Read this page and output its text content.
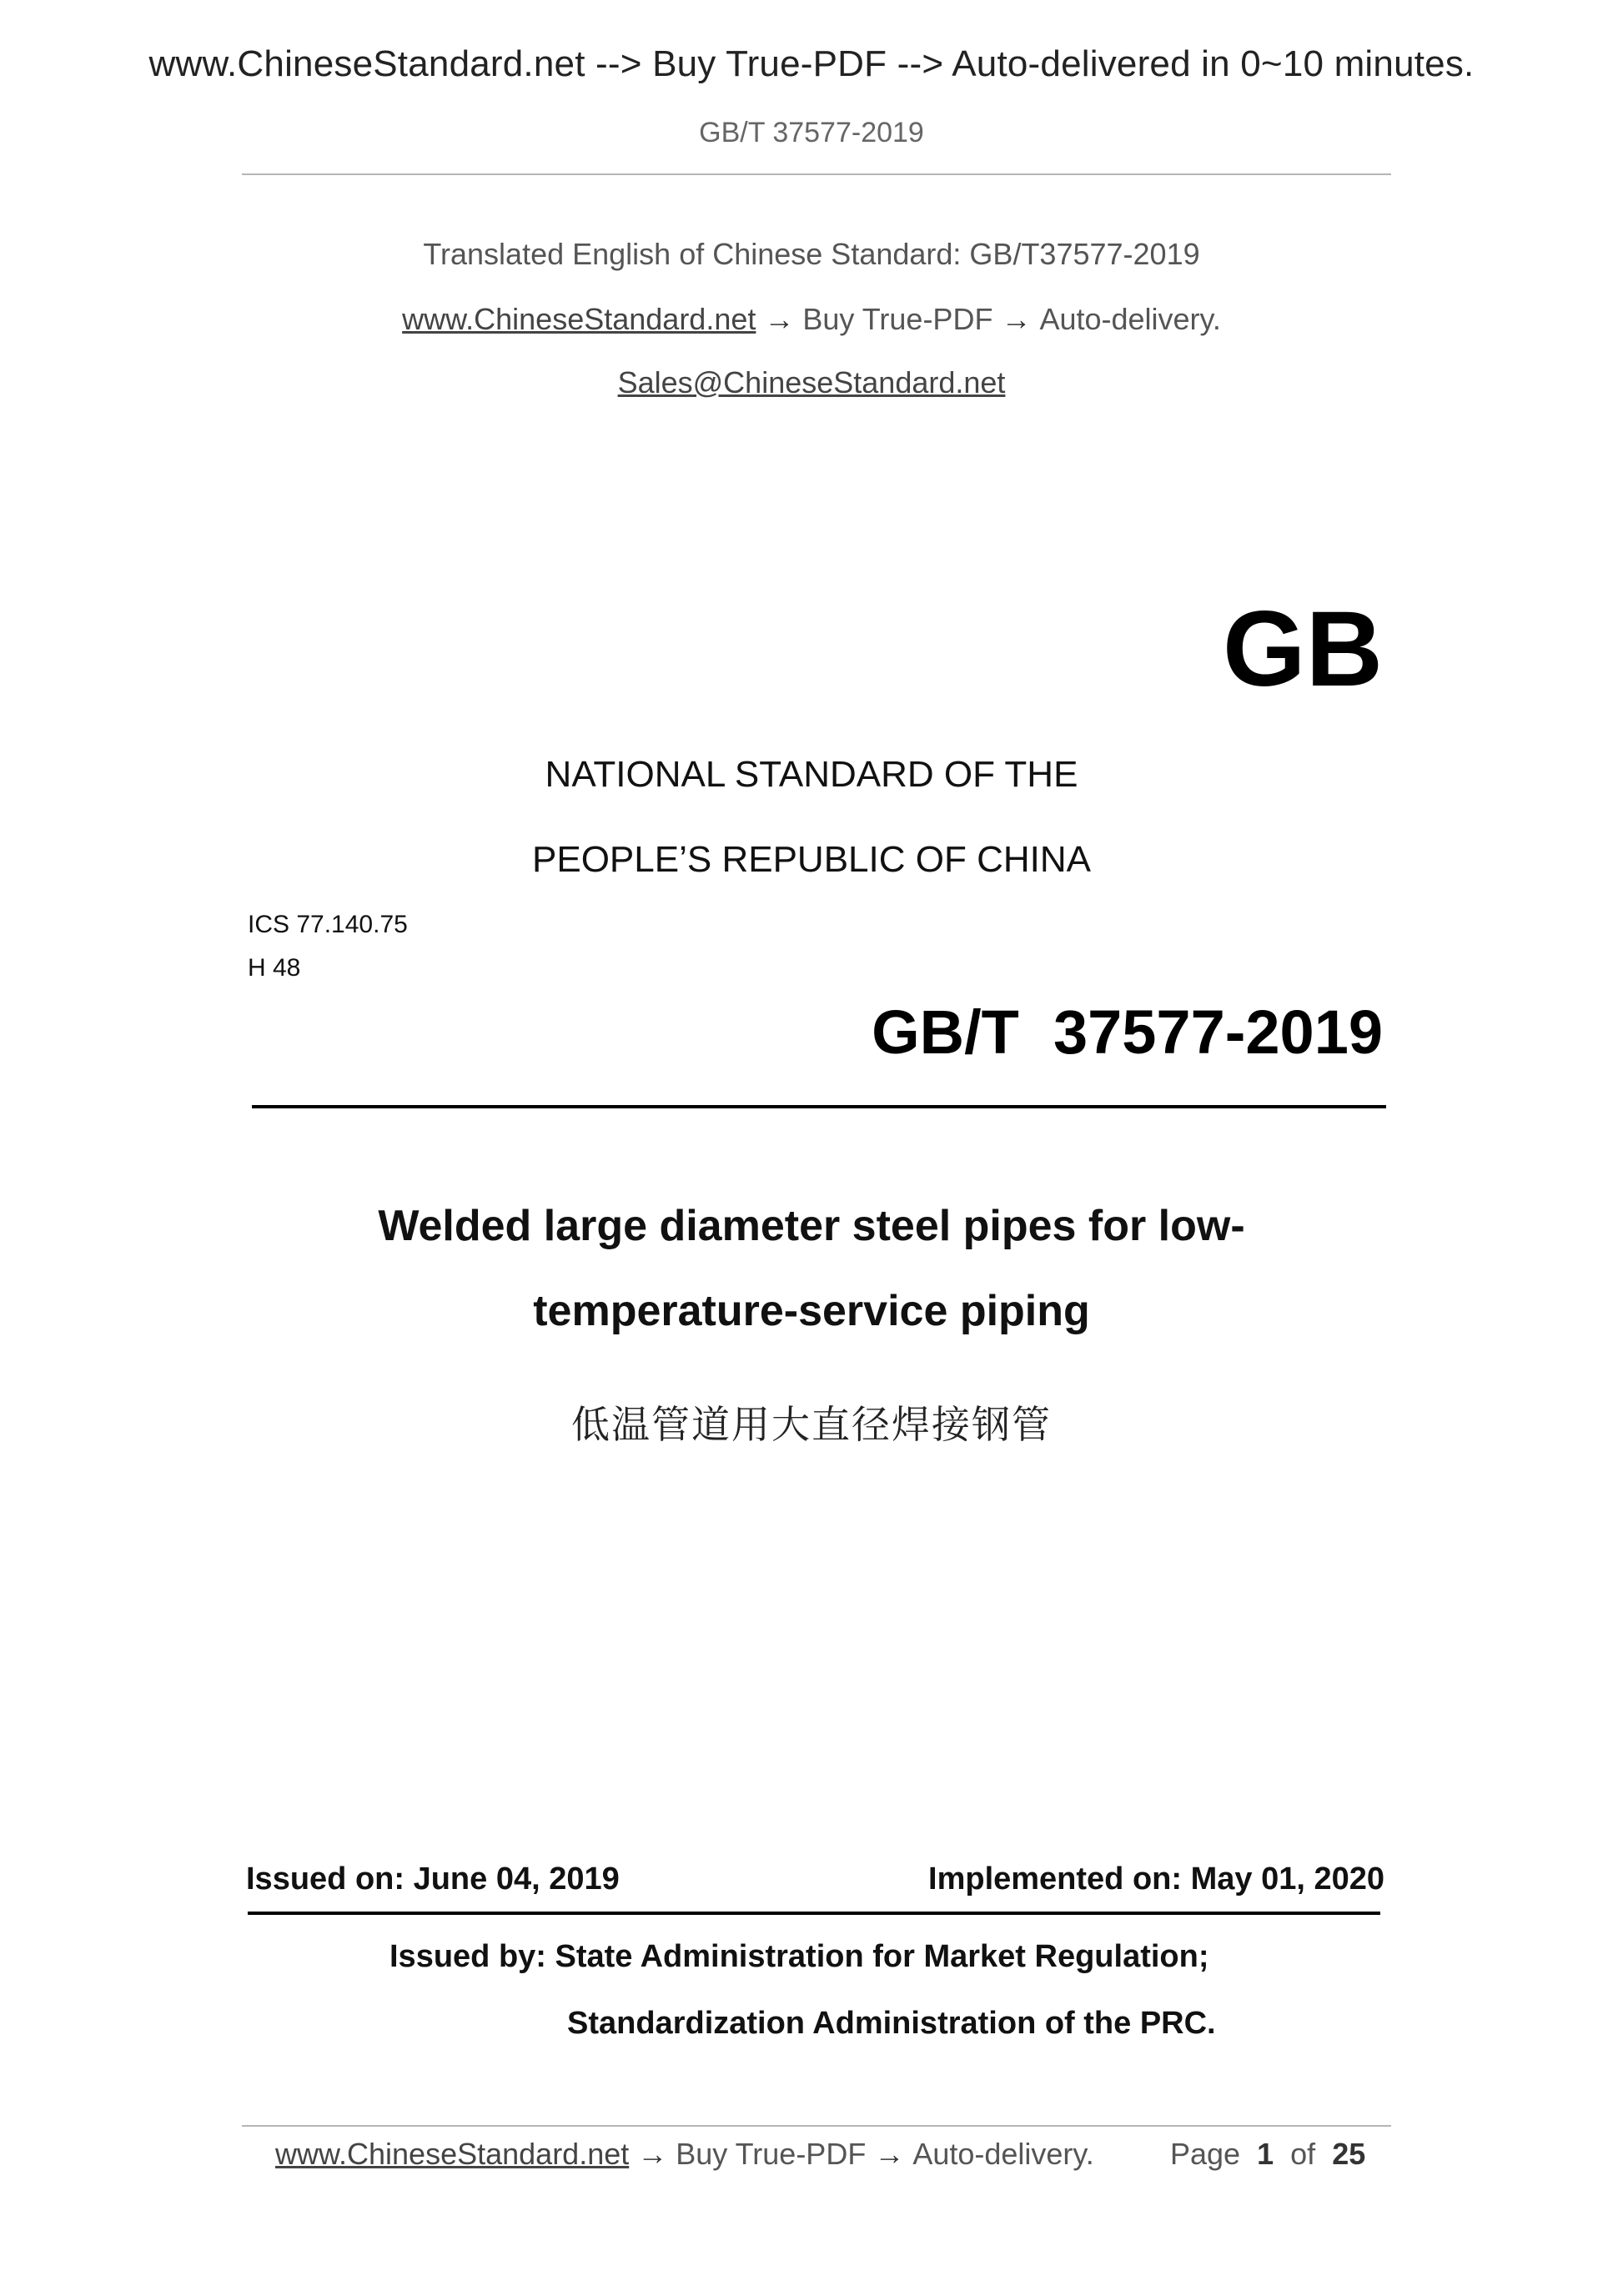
www.ChineseStandard.net --> Buy True-PDF --> Auto-delivered in 0~10 minutes.
GB/T 37577-2019
Translated English of Chinese Standard: GB/T37577-2019
www.ChineseStandard.net → Buy True-PDF → Auto-delivery.
Sales@ChineseStandard.net
GB
NATIONAL STANDARD OF THE
PEOPLE’S REPUBLIC OF CHINA
ICS 77.140.75
H 48
GB/T  37577-2019
Welded large diameter steel pipes for low-
temperature-service piping
低温管道用大直径焊接钢管
Issued on: June 04, 2019	Implemented on: May 01, 2020
Issued by: State Administration for Market Regulation;
Standardization Administration of the PRC.
www.ChineseStandard.net → Buy True-PDF → Auto-delivery.	Page 1 of 25
